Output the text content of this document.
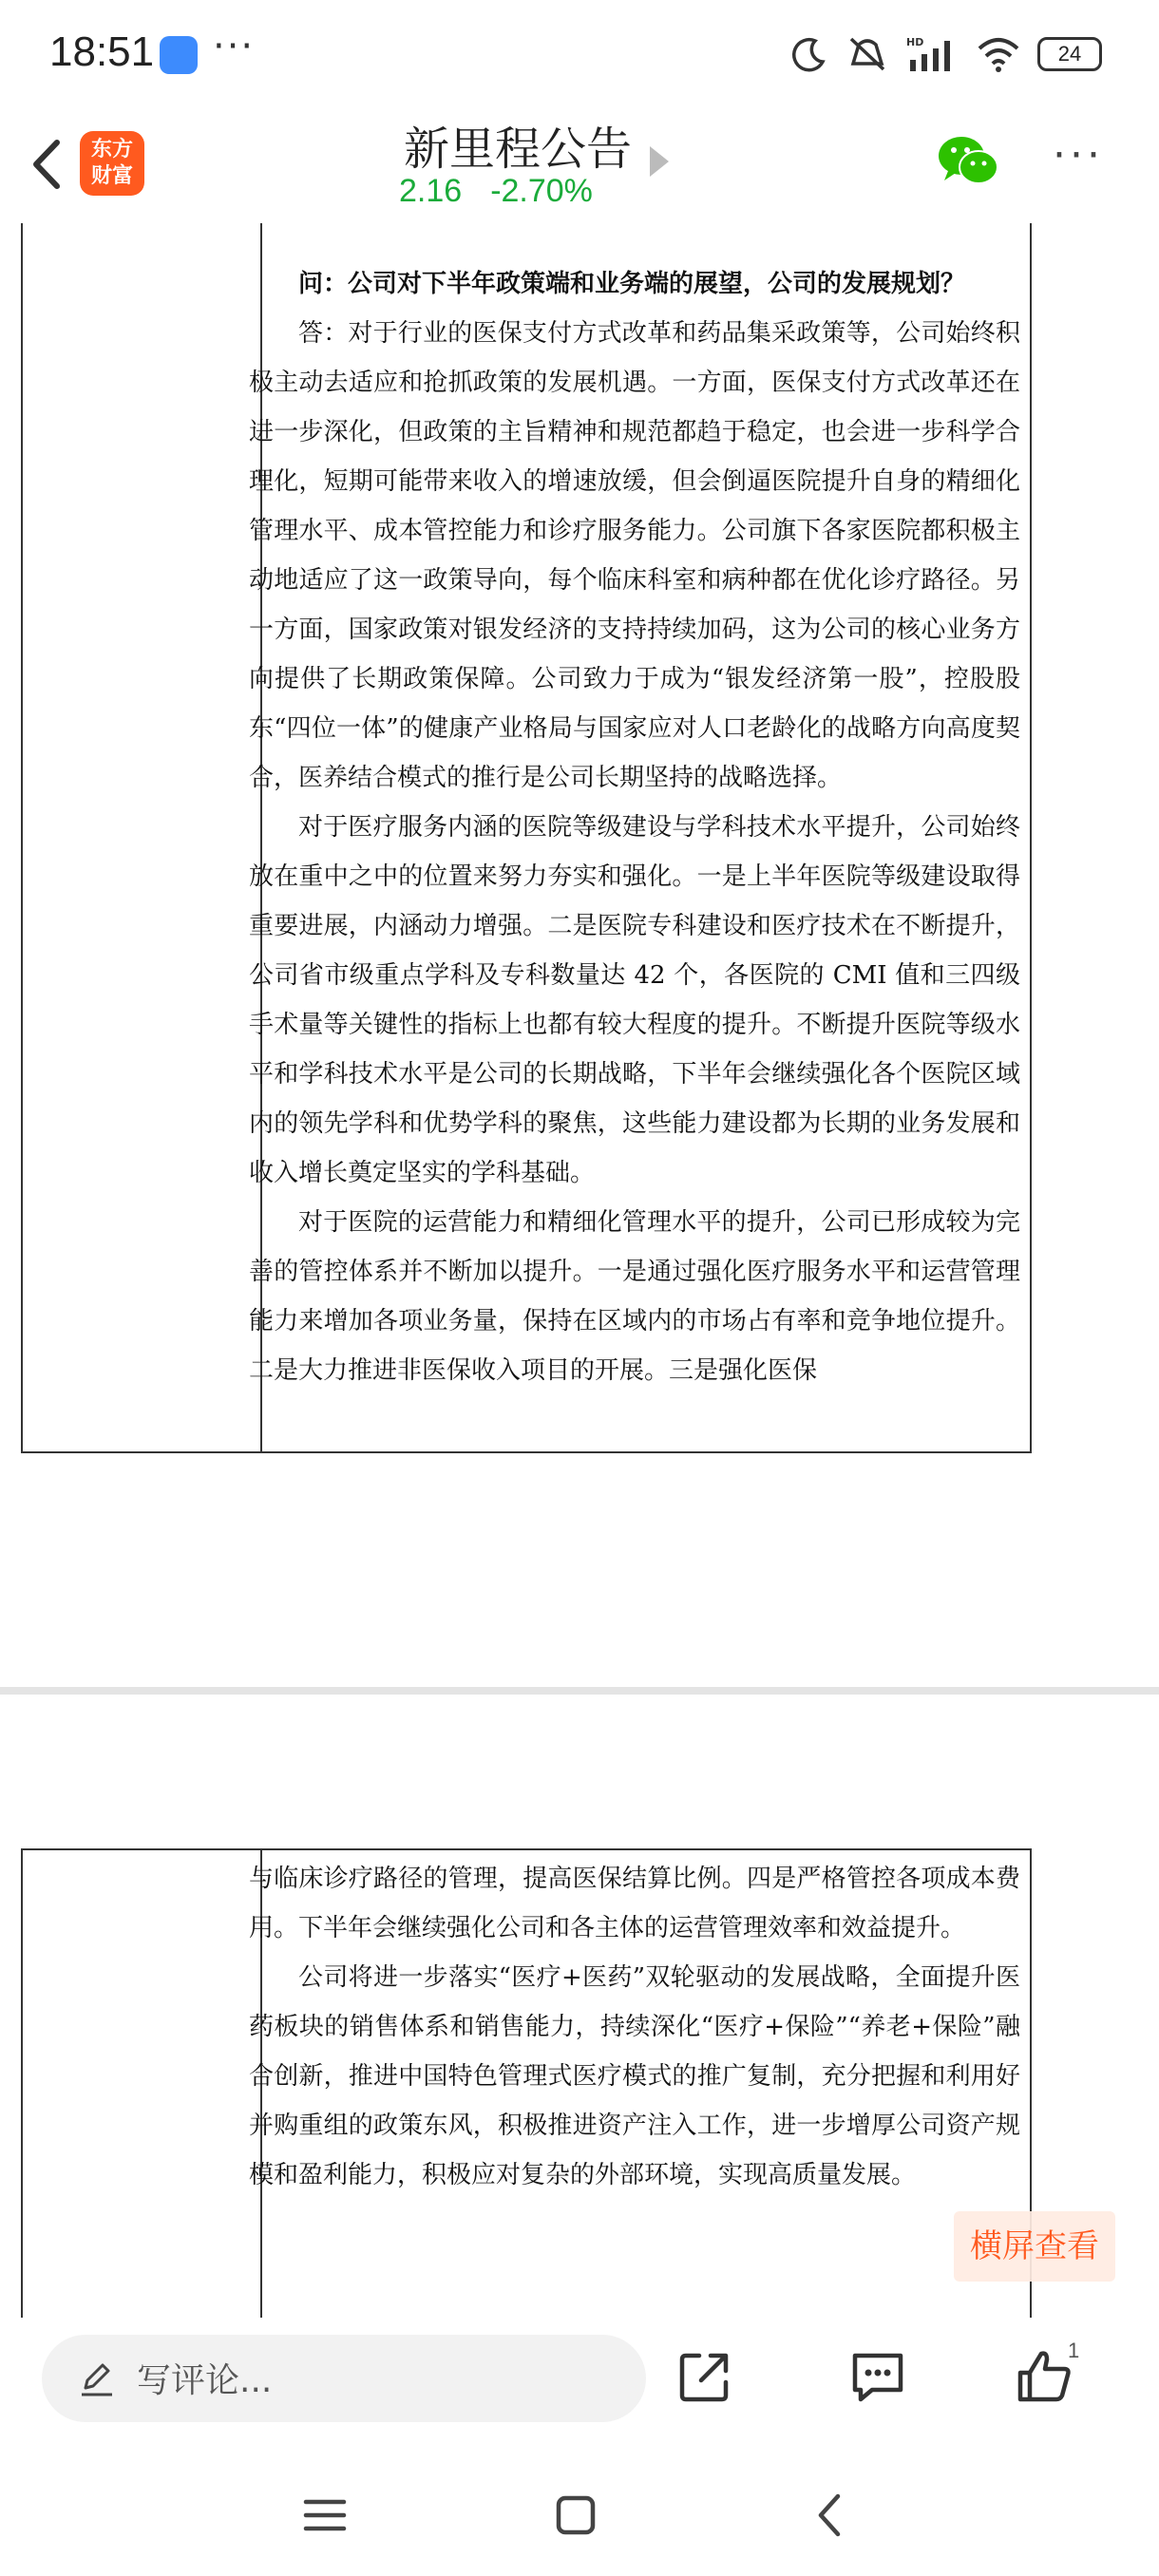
18:51 ···	HD	24
东方
财富
新里程公告
2.16 -2.70%
···

问：公司对下半年政策端和业务端的展望，公司的发展规划？

答：对于行业的医保支付方式改革和药品集采政策等，公司始终积极主动去适应和抢抓政策的发展机遇。一方面，医保支付方式改革还在进一步深化，但政策的主旨精神和规范都趋于稳定，也会进一步科学合理化，短期可能带来收入的增速放缓，但会倒逼医院提升自身的精细化管理水平、成本管控能力和诊疗服务能力。公司旗下各家医院都积极主动地适应了这一政策导向，每个临床科室和病种都在优化诊疗路径。另一方面，国家政策对银发经济的支持持续加码，这为公司的核心业务方向提供了长期政策保障。公司致力于成为“银发经济第一股”，控股股东“四位一体”的健康产业格局与国家应对人口老龄化的战略方向高度契合，医养结合模式的推行是公司长期坚持的战略选择。

对于医疗服务内涵的医院等级建设与学科技术水平提升，公司始终放在重中之中的位置来努力夯实和强化。一是上半年医院等级建设取得重要进展，内涵动力增强。二是医院专科建设和医疗技术在不断提升，公司省市级重点学科及专科数量达 42 个，各医院的 CMI 值和三四级手术量等关键性的指标上也都有较大程度的提升。不断提升医院等级水平和学科技术水平是公司的长期战略，下半年会继续强化各个医院区域内的领先学科和优势学科的聚焦，这些能力建设都为长期的业务发展和收入增长奠定坚实的学科基础。

对于医院的运营能力和精细化管理水平的提升，公司已形成较为完善的管控体系并不断加以提升。一是通过强化医疗服务水平和运营管理能力来增加各项业务量，保持在区域内的市场占有率和竞争地位提升。二是大力推进非医保收入项目的开展。三是强化医保

与临床诊疗路径的管理，提高医保结算比例。四是严格管控各项成本费用。下半年会继续强化公司和各主体的运营管理效率和效益提升。

公司将进一步落实“医疗+医药”双轮驱动的发展战略，全面提升医药板块的销售体系和销售能力，持续深化“医疗+保险”“养老+保险”融合创新，推进中国特色管理式医疗模式的推广复制，充分把握和利用好并购重组的政策东风，积极推进资产注入工作，进一步增厚公司资产规模和盈利能力，积极应对复杂的外部环境，实现高质量发展。

横屏查看
写评论...
1
